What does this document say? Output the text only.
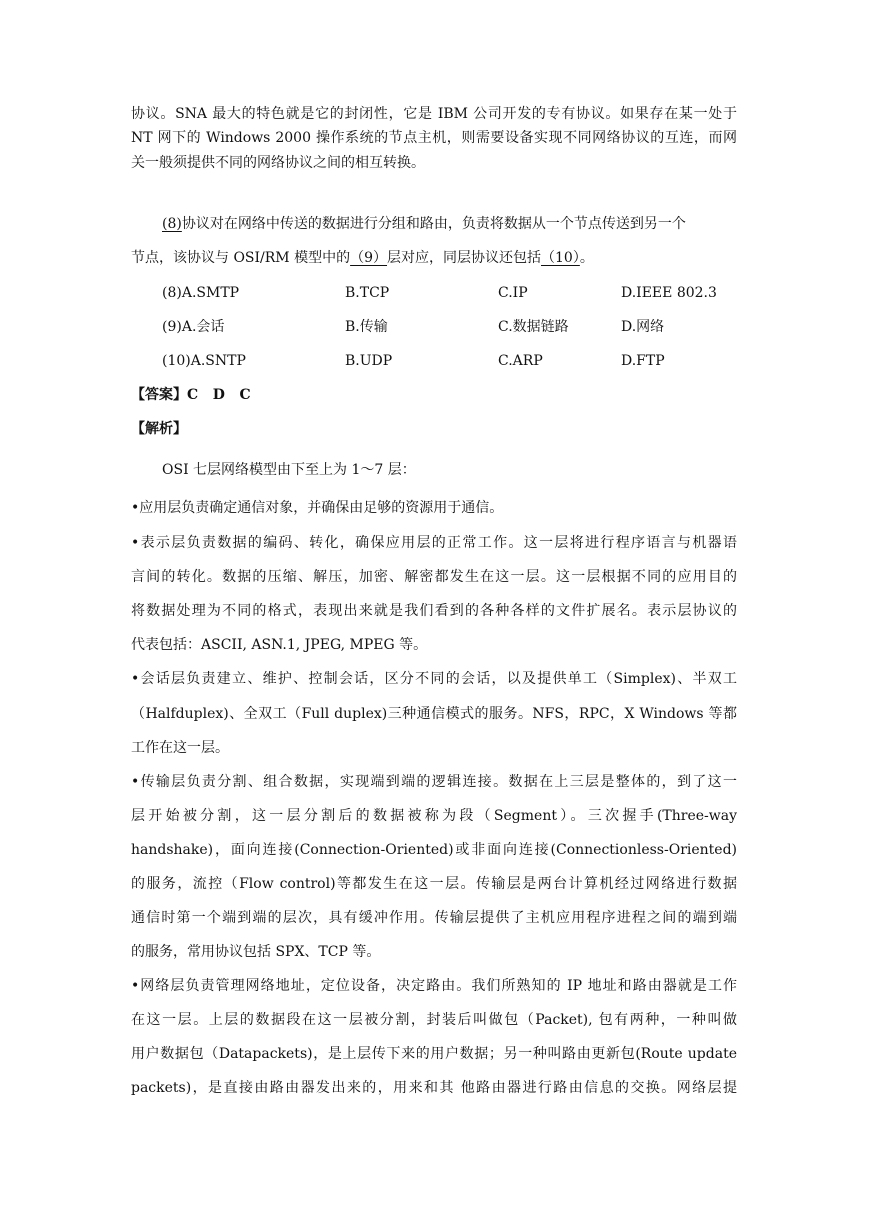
协议。SNA 最大的特色就是它的封闭性，它是 IBM 公司开发的专有协议。如果存在某一处于
NT 网下的 Windows 2000 操作系统的节点主机，则需要设备实现不同网络协议的互连，而网
关一般须提供不同的网络协议之间的相互转换。
(8)协议对在网络中传送的数据进行分组和路由，负责将数据从一个节点传送到另一个
节点，该协议与 OSI/RM 模型中的（9）层对应，同层协议还包括（10）。
(8)A.SMTP	B.TCP	C.IP	D.IEEE 802.3
(9)A.会话	B.传输	C.数据链路	D.网络
(10)A.SNTP	B.UDP	C.ARP	D.FTP
【答案】C   D   C
【解析】
OSI 七层网络模型由下至上为 1～7 层：
•应用层负责确定通信对象，并确保由足够的资源用于通信。
•表示层负责数据的编码、转化，确保应用层的正常工作。这一层将进行程序语言与机器语
言间的转化。数据的压缩、解压，加密、解密都发生在这一层。这一层根据不同的应用目的
将数据处理为不同的格式，表现出来就是我们看到的各种各样的文件扩展名。表示层协议的
代表包括：ASCII, ASN.1, JPEG, MPEG 等。
•会话层负责建立、维护、控制会话，区分不同的会话，以及提供单工（Simplex)、半双工
（Halfduplex)、全双工（Full duplex)三种通信模式的服务。NFS，RPC，X Windows 等都
工作在这一层。
•传输层负责分割、组合数据，实现端到端的逻辑连接。数据在上三层是整体的，到了这一
层开始被分割，这一层分割后的数据被称为段（Segment）。三次握手(Three-way
handshake)，面向连接(Connection-Oriented)或非面向连接(Connectionless-Oriented)
的服务，流控（Flow control)等都发生在这一层。传输层是两台计算机经过网络进行数据
通信时第一个端到端的层次，具有缓冲作用。传输层提供了主机应用程序进程之间的端到端
的服务，常用协议包括 SPX、TCP 等。
•网络层负责管理网络地址，定位设备，决定路由。我们所熟知的 IP 地址和路由器就是工作
在这一层。上层的数据段在这一层被分割，封装后叫做包（Packet), 包有两种，一种叫做
用户数据包（Datapackets)，是上层传下来的用户数据；另一种叫路由更新包(Route update
packets)，是直接由路由器发出来的，用来和其 他路由器进行路由信息的交换。网络层提
